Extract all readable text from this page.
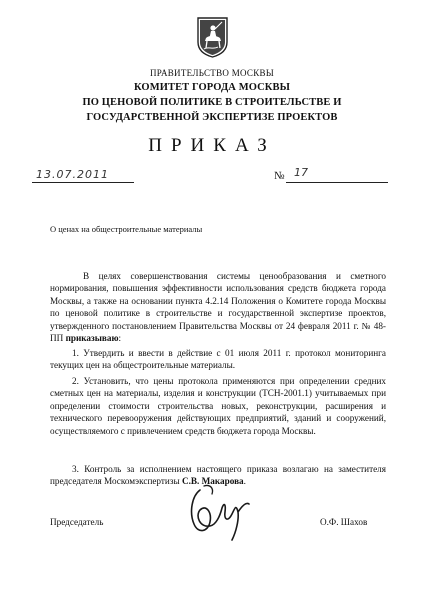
ПРАВИТЕЛЬСТВО МОСКВЫ
КОМИТЕТ ГОРОДА МОСКВЫ
ПО ЦЕНОВОЙ ПОЛИТИКЕ В СТРОИТЕЛЬСТВЕ И
ГОСУДАРСТВЕННОЙ ЭКСПЕРТИЗЕ ПРОЕКТОВ
ПРИКАЗ
13.07.2011	№ 17
О ценах на общестроительные материалы
В целях совершенствования системы ценообразования и сметного нормирования, повышения эффективности использования средств бюджета города Москвы, а также на основании пункта 4.2.14 Положения о Комитете города Москвы по ценовой политике в строительстве и государственной экспертизе проектов, утвержденного постановлением Правительства Москвы от 24 февраля 2011 г. № 48-ПП приказываю:
1. Утвердить и ввести в действие с 01 июля 2011 г. протокол мониторинга текущих цен на общестроительные материалы.
2. Установить, что цены протокола применяются при определении средних сметных цен на материалы, изделия и конструкции (ТСН-2001.1) учитываемых при определении стоимости строительства новых, реконструкции, расширения и технического перевооружения действующих предприятий, зданий и сооружений, осуществляемого с привлечением средств бюджета города Москвы.
3. Контроль за исполнением настоящего приказа возлагаю на заместителя председателя Москомэкспертизы С.В. Макарова.
Председатель	О.Ф. Шахов
